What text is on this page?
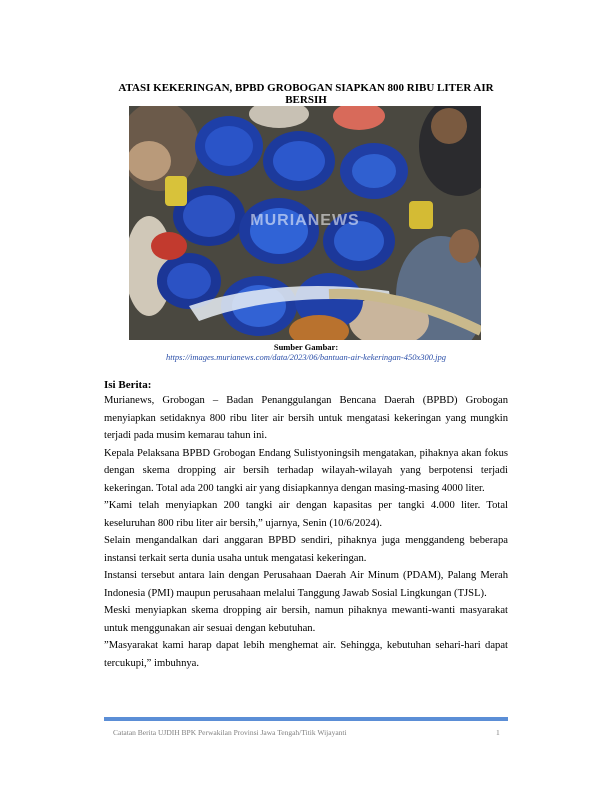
ATASI KEKERINGAN, BPBD GROBOGAN SIAPKAN 800 RIBU LITER AIR BERSIH
MURIANEWS
Sumber Gambar:
https://images.murianews.com/data/2023/06/bantuan-air-kekeringan-450x300.jpg
Isi Berita:

Murianews, Grobogan – Badan Penanggulangan Bencana Daerah (BPBD) Grobogan menyiapkan setidaknya 800 ribu liter air bersih untuk mengatasi kekeringan yang mungkin terjadi pada musim kemarau tahun ini.

Kepala Pelaksana BPBD Grobogan Endang Sulistyoningsih mengatakan, pihaknya akan fokus dengan skema dropping air bersih terhadap wilayah-wilayah yang berpotensi terjadi kekeringan. Total ada 200 tangki air yang disiapkannya dengan masing-masing 4000 liter.

”Kami telah menyiapkan 200 tangki air dengan kapasitas per tangki 4.000 liter. Total keseluruhan 800 ribu liter air bersih,” ujarnya, Senin (10/6/2024).

Selain mengandalkan dari anggaran BPBD sendiri, pihaknya juga menggandeng beberapa instansi terkait serta dunia usaha untuk mengatasi kekeringan.

Instansi tersebut antara lain dengan Perusahaan Daerah Air Minum (PDAM), Palang Merah Indonesia (PMI) maupun perusahaan melalui Tanggung Jawab Sosial Lingkungan (TJSL).

Meski menyiapkan skema dropping air bersih, namun pihaknya mewanti-wanti masyarakat untuk menggunakan air sesuai dengan kebutuhan.

”Masyarakat kami harap dapat lebih menghemat air. Sehingga, kebutuhan sehari-hari dapat tercukupi,” imbuhnya.

Catatan Berita UJDIH BPK Perwakilan Provinsi Jawa Tengah/Titik Wijayanti	1
